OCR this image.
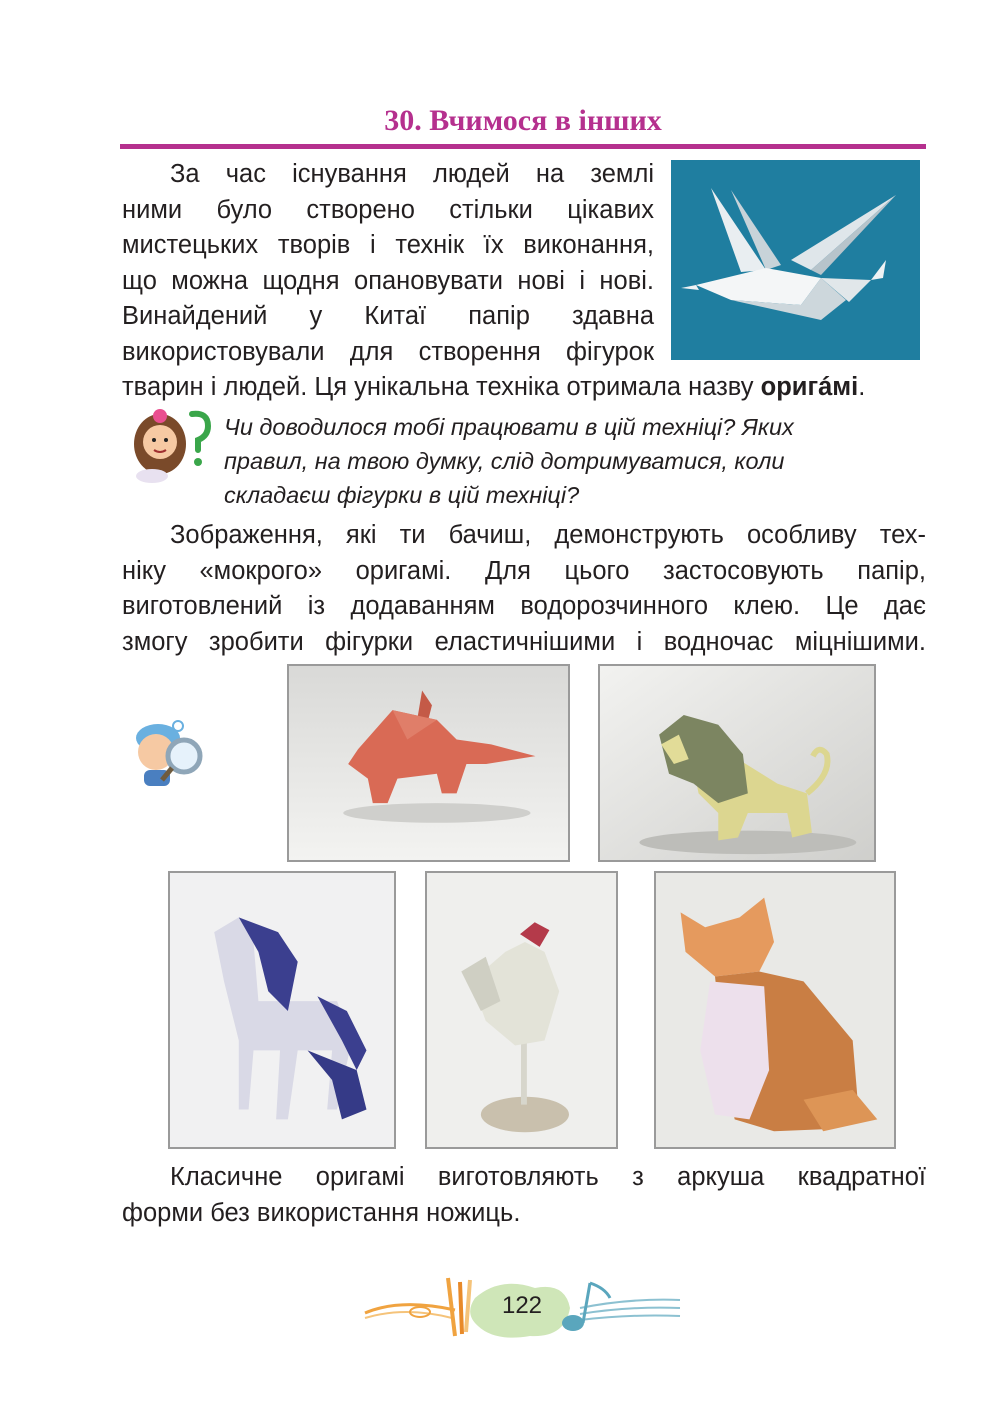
30. Вчимося в інших

За час існування людей на землі
ними було створено стільки цікавих
мистецьких творів і технік їх виконання,
що можна щодня опановувати нові і нові.
Винайдений у Китаї папір здавна
використовували для створення фігурок

тварин і людей. Ця унікальна техніка отримала назву оригáмі.

Чи доводилося тобі працювати в цій техніці? Яких
правил, на твою думку, слід дотримуватися, коли
складаєш фігурки в цій техніці?

Зображення, які ти бачиш, демонструють особливу тех-
ніку «мокрого» оригамі. Для цього застосовують папір,
виготовлений із додаванням водорозчинного клею. Це дає
змогу зробити фігурки еластичнішими і водночас міцнішими.

Класичне оригамі виготовляють з аркуша квадратної
форми без використання ножиць.

122
